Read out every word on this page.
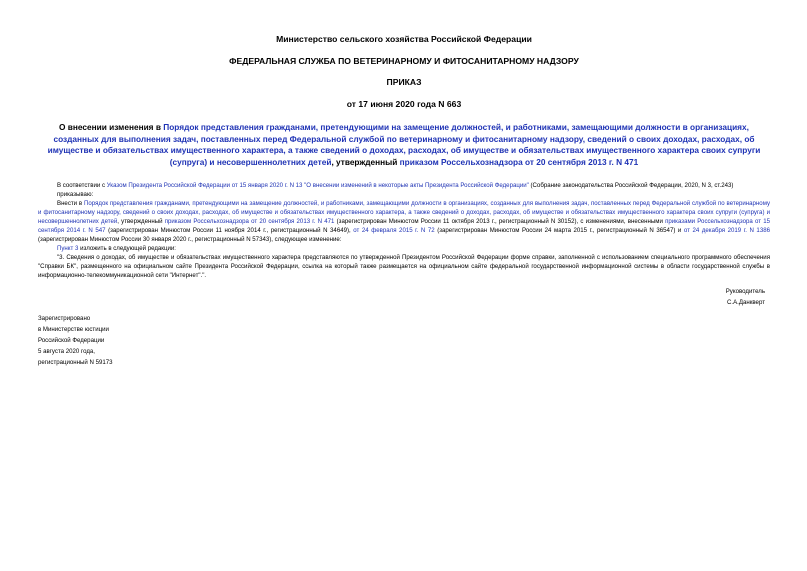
Министерство сельского хозяйства Российской Федерации
ФЕДЕРАЛЬНАЯ СЛУЖБА ПО ВЕТЕРИНАРНОМУ И ФИТОСАНИТАРНОМУ НАДЗОРУ
ПРИКАЗ
от 17 июня 2020 года N 663
О внесении изменения в Порядок представления гражданами, претендующими на замещение должностей, и работниками, замещающими должности в организациях, созданных для выполнения задач, поставленных перед Федеральной службой по ветеринарному и фитосанитарному надзору, сведений о своих доходах, расходах, об имуществе и обязательствах имущественного характера, а также сведений о доходах, расходах, об имуществе и обязательствах имущественного характера своих супруги (супруга) и несовершеннолетних детей, утвержденный приказом Россельхознадзора от 20 сентября 2013 г. N 471

В соответствии с Указом Президента Российской Федерации от 15 января 2020 г. N 13 "О внесении изменений в некоторые акты Президента Российской Федерации" (Собрание законодательства Российской Федерации, 2020, N 3, ст.243)

приказываю:

Внести в Порядок представления гражданами, претендующими на замещение должностей, и работниками, замещающими должности в организациях, созданных для выполнения задач, поставленных перед Федеральной службой по ветеринарному и фитосанитарному надзору, сведений о своих доходах, расходах, об имуществе и обязательствах имущественного характера, а также сведений о доходах, расходах, об имуществе и обязательствах имущественного характера своих супруги (супруга) и несовершеннолетних детей, утвержденный приказом Россельхознадзора от 20 сентября 2013 г. N 471 (зарегистрирован Минюстом России 11 октября 2013 г., регистрационный N 30152), с изменениями, внесенными приказами Россельхознадзора от 15 сентября 2014 г. N 547 (зарегистрирован Минюстом России 11 ноября 2014 г., регистрационный N 34649), от 24 февраля 2015 г. N 72 (зарегистрирован Минюстом России 24 марта 2015 г., регистрационный N 36547) и от 24 декабря 2019 г. N 1386 (зарегистрирован Минюстом России 30 января 2020 г., регистрационный N 57343), следующее изменение:

Пункт 3 изложить в следующей редакции:

"3. Сведения о доходах, об имуществе и обязательствах имущественного характера представляются по утвержденной Президентом Российской Федерации форме справки, заполненной с использованием специального программного обеспечения "Справки БК", размещенного на официальном сайте Президента Российской Федерации, ссылка на который также размещается на официальном сайте федеральной государственной информационной системы в области государственной службы в информационно-телекоммуникационной сети "Интернет".".

Руководитель
С.А.Данкверт
Зарегистрировано
в Министерстве юстиции
Российской Федерации
5 августа 2020 года,
регистрационный N 59173
